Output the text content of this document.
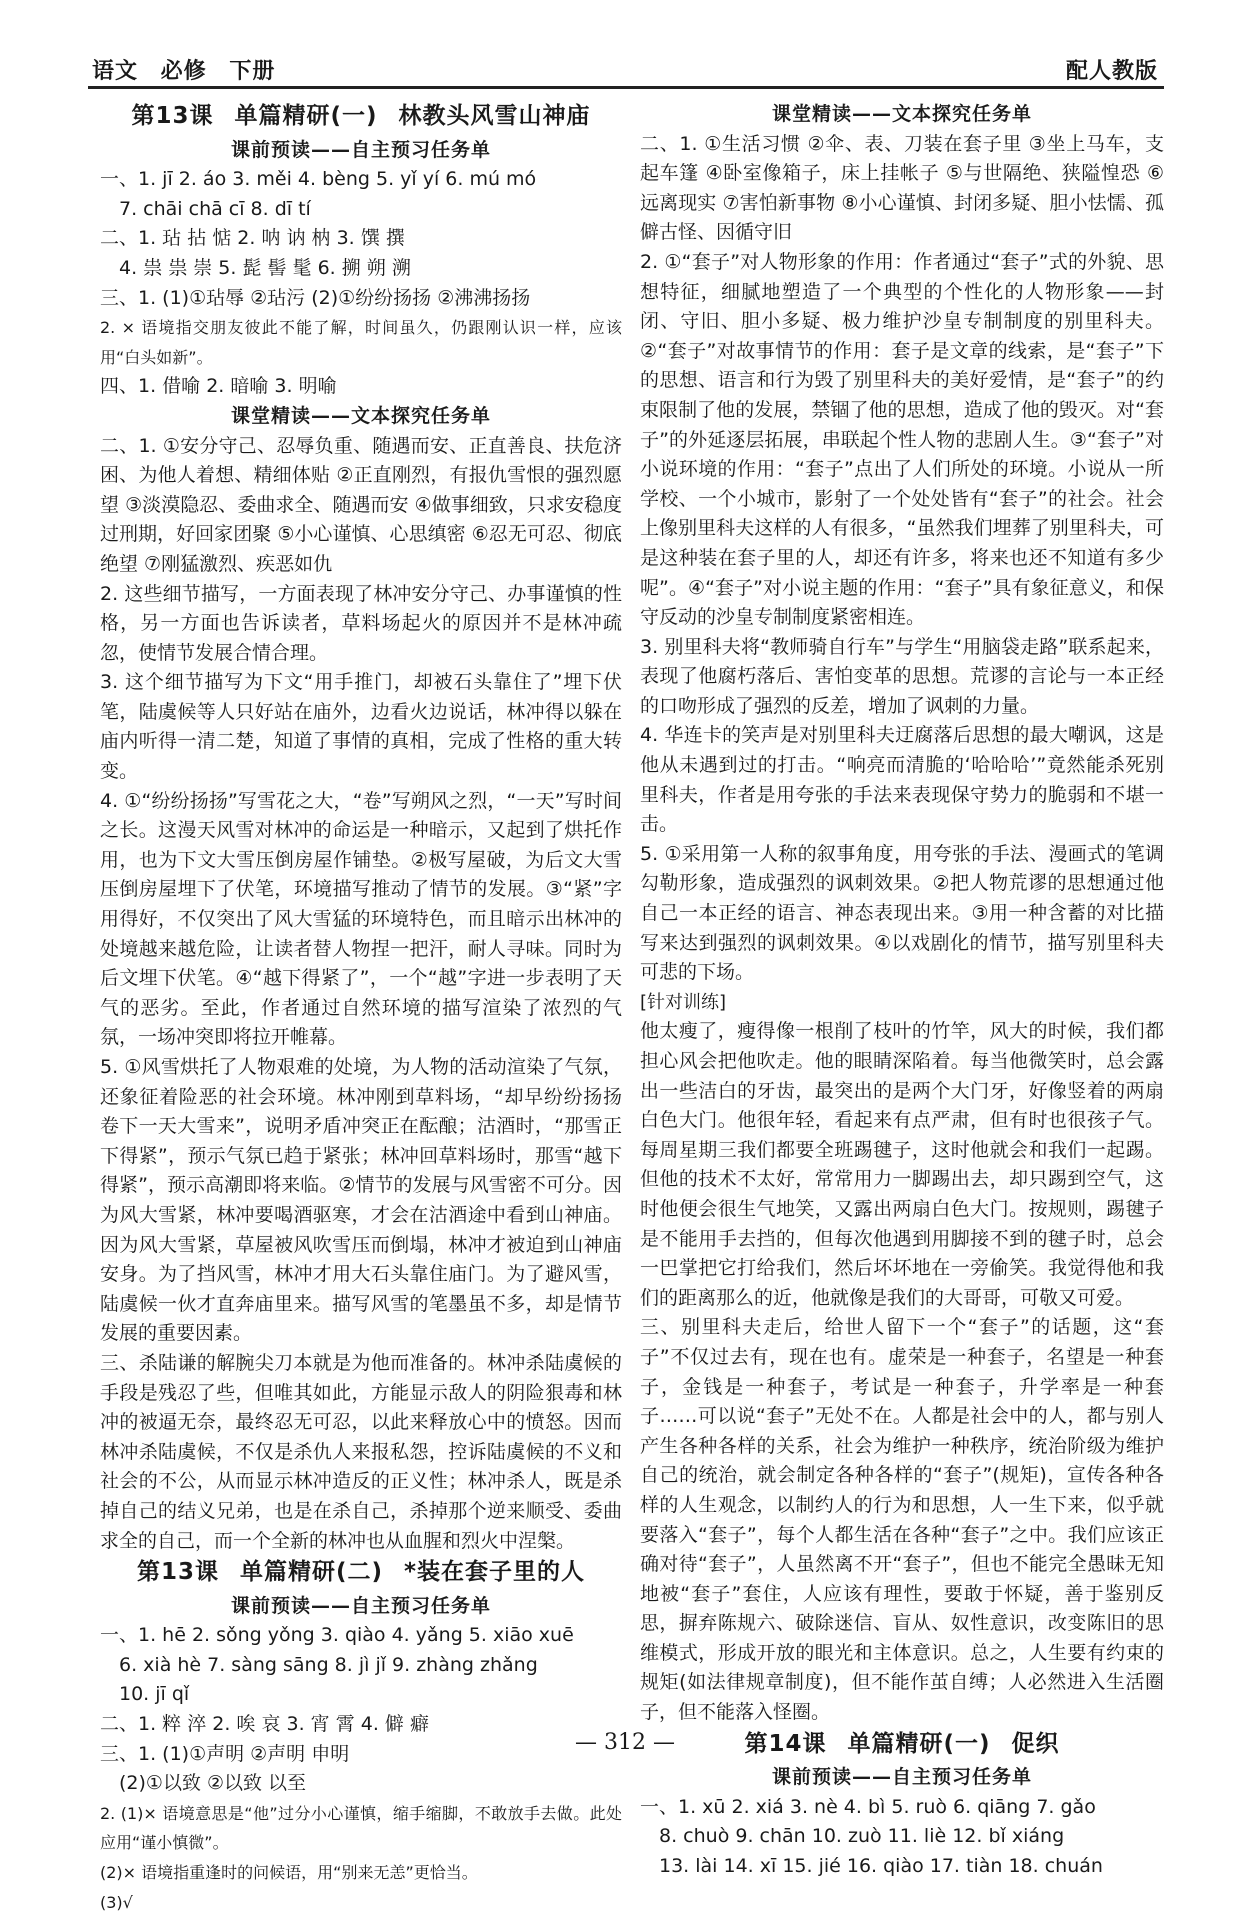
语文 必修 下册	配人教版
第13课 单篇精研(一) 林教头风雪山神庙
课前预读——自主预习任务单
一、1. jī 2. áo 3. měi 4. bèng 5. yǐ yí 6. mú mó
7. chāi chā cī 8. dī tí
二、1. 玷 拈 惦 2. 呐 讷 枘 3. 馔 撰
4. 祟 祟 崇 5. 髭 髻 髦 6. 搠 朔 溯
三、1. (1)①玷辱 ②玷污 (2)①纷纷扬扬 ②沸沸扬扬
2. × 语境指交朋友彼此不能了解，时间虽久，仍跟刚认识一样，应该用“白头如新”。
四、1. 借喻 2. 暗喻 3. 明喻
课堂精读——文本探究任务单
二、1. ①安分守己、忍辱负重、随遇而安、正直善良、扶危济困、为他人着想、精细体贴 ②正直刚烈，有报仇雪恨的强烈愿望 ③淡漠隐忍、委曲求全、随遇而安 ④做事细致，只求安稳度过刑期，好回家团聚 ⑤小心谨慎、心思缜密 ⑥忍无可忍、彻底绝望 ⑦刚猛激烈、疾恶如仇
2. 这些细节描写，一方面表现了林冲安分守己、办事谨慎的性格，另一方面也告诉读者，草料场起火的原因并不是林冲疏忽，使情节发展合情合理。
3. 这个细节描写为下文“用手推门，却被石头靠住了”埋下伏笔，陆虞候等人只好站在庙外，边看火边说话，林冲得以躲在庙内听得一清二楚，知道了事情的真相，完成了性格的重大转变。
4. ①“纷纷扬扬”写雪花之大，“卷”写朔风之烈，“一天”写时间之长。这漫天风雪对林冲的命运是一种暗示，又起到了烘托作用，也为下文大雪压倒房屋作铺垫。②极写屋破，为后文大雪压倒房屋埋下了伏笔，环境描写推动了情节的发展。③“紧”字用得好，不仅突出了风大雪猛的环境特色，而且暗示出林冲的处境越来越危险，让读者替人物捏一把汗，耐人寻味。同时为后文埋下伏笔。④“越下得紧了”，一个“越”字进一步表明了天气的恶劣。至此，作者通过自然环境的描写渲染了浓烈的气氛，一场冲突即将拉开帷幕。
5. ①风雪烘托了人物艰难的处境，为人物的活动渲染了气氛，还象征着险恶的社会环境。林冲刚到草料场，“却早纷纷扬扬卷下一天大雪来”，说明矛盾冲突正在酝酿；沽酒时，“那雪正下得紧”，预示气氛已趋于紧张；林冲回草料场时，那雪“越下得紧”，预示高潮即将来临。②情节的发展与风雪密不可分。因为风大雪紧，林冲要喝酒驱寒，才会在沽酒途中看到山神庙。因为风大雪紧，草屋被风吹雪压而倒塌，林冲才被迫到山神庙安身。为了挡风雪，林冲才用大石头靠住庙门。为了避风雪，陆虞候一伙才直奔庙里来。描写风雪的笔墨虽不多，却是情节发展的重要因素。
三、杀陆谦的解腕尖刀本就是为他而准备的。林冲杀陆虞候的手段是残忍了些，但唯其如此，方能显示敌人的阴险狠毒和林冲的被逼无奈，最终忍无可忍，以此来释放心中的愤怒。因而林冲杀陆虞候，不仅是杀仇人来报私怨，控诉陆虞候的不义和社会的不公，从而显示林冲造反的正义性；林冲杀人，既是杀掉自己的结义兄弟，也是在杀自己，杀掉那个逆来顺受、委曲求全的自己，而一个全新的林冲也从血腥和烈火中涅槃。
第13课 单篇精研(二) *装在套子里的人
课前预读——自主预习任务单
一、1. hē 2. sǒng yǒng 3. qiào 4. yǎng 5. xiāo xuē
6. xià hè 7. sàng sāng 8. jì jǐ 9. zhàng zhǎng
10. jī qǐ
二、1. 粹 淬 2. 唉 哀 3. 宵 霄 4. 僻 癖
三、1. (1)①声明 ②声明 申明
(2)①以致 ②以致 以至
2. (1)× 语境意思是“他”过分小心谨慎，缩手缩脚，不敢放手去做。此处应用“谨小慎微”。
(2)× 语境指重逢时的问候语，用“别来无恙”更恰当。
(3)√
课堂精读——文本探究任务单
二、1. ①生活习惯 ②伞、表、刀装在套子里 ③坐上马车，支起车篷 ④卧室像箱子，床上挂帐子 ⑤与世隔绝、狭隘惶恐 ⑥远离现实 ⑦害怕新事物 ⑧小心谨慎、封闭多疑、胆小怯懦、孤僻古怪、因循守旧
2. ①“套子”对人物形象的作用：作者通过“套子”式的外貌、思想特征，细腻地塑造了一个典型的个性化的人物形象——封闭、守旧、胆小多疑、极力维护沙皇专制制度的别里科夫。②“套子”对故事情节的作用：套子是文章的线索，是“套子”下的思想、语言和行为毁了别里科夫的美好爱情，是“套子”的约束限制了他的发展，禁锢了他的思想，造成了他的毁灭。对“套子”的外延逐层拓展，串联起个性人物的悲剧人生。③“套子”对小说环境的作用：“套子”点出了人们所处的环境。小说从一所学校、一个小城市，影射了一个处处皆有“套子”的社会。社会上像别里科夫这样的人有很多，“虽然我们埋葬了别里科夫，可是这种装在套子里的人，却还有许多，将来也还不知道有多少呢”。④“套子”对小说主题的作用：“套子”具有象征意义，和保守反动的沙皇专制制度紧密相连。
3. 别里科夫将“教师骑自行车”与学生“用脑袋走路”联系起来，表现了他腐朽落后、害怕变革的思想。荒谬的言论与一本正经的口吻形成了强烈的反差，增加了讽刺的力量。
4. 华连卡的笑声是对别里科夫迂腐落后思想的最大嘲讽，这是他从未遇到过的打击。“响亮而清脆的‘哈哈哈’”竟然能杀死别里科夫，作者是用夸张的手法来表现保守势力的脆弱和不堪一击。
5. ①采用第一人称的叙事角度，用夸张的手法、漫画式的笔调勾勒形象，造成强烈的讽刺效果。②把人物荒谬的思想通过他自己一本正经的语言、神态表现出来。③用一种含蓄的对比描写来达到强烈的讽刺效果。④以戏剧化的情节，描写别里科夫可悲的下场。
[针对训练]
他太瘦了，瘦得像一根削了枝叶的竹竿，风大的时候，我们都担心风会把他吹走。他的眼睛深陷着。每当他微笑时，总会露出一些洁白的牙齿，最突出的是两个大门牙，好像竖着的两扇白色大门。他很年轻，看起来有点严肃，但有时也很孩子气。每周星期三我们都要全班踢毽子，这时他就会和我们一起踢。但他的技术不太好，常常用力一脚踢出去，却只踢到空气，这时他便会很生气地笑，又露出两扇白色大门。按规则，踢毽子是不能用手去挡的，但每次他遇到用脚接不到的毽子时，总会一巴掌把它打给我们，然后坏坏地在一旁偷笑。我觉得他和我们的距离那么的近，他就像是我们的大哥哥，可敬又可爱。
三、别里科夫走后，给世人留下一个“套子”的话题，这“套子”不仅过去有，现在也有。虚荣是一种套子，名望是一种套子，金钱是一种套子，考试是一种套子，升学率是一种套子……可以说“套子”无处不在。人都是社会中的人，都与别人产生各种各样的关系，社会为维护一种秩序，统治阶级为维护自己的统治，就会制定各种各样的“套子”(规矩)，宣传各种各样的人生观念，以制约人的行为和思想，人一生下来，似乎就要落入“套子”，每个人都生活在各种“套子”之中。我们应该正确对待“套子”，人虽然离不开“套子”，但也不能完全愚昧无知地被“套子”套住，人应该有理性，要敢于怀疑，善于鉴别反思，摒弃陈规六、破除迷信、盲从、奴性意识，改变陈旧的思维模式，形成开放的眼光和主体意识。总之，人生要有约束的规矩(如法律规章制度)，但不能作茧自缚；人必然进入生活圈子，但不能落入怪圈。
第14课 单篇精研(一) 促织
课前预读——自主预习任务单
一、1. xū 2. xiá 3. nè 4. bì 5. ruò 6. qiāng 7. gǎo
8. chuò 9. chān 10. zuò 11. liè 12. bǐ xiáng
13. lài 14. xī 15. jié 16. qiào 17. tiàn 18. chuán
— 312 —
